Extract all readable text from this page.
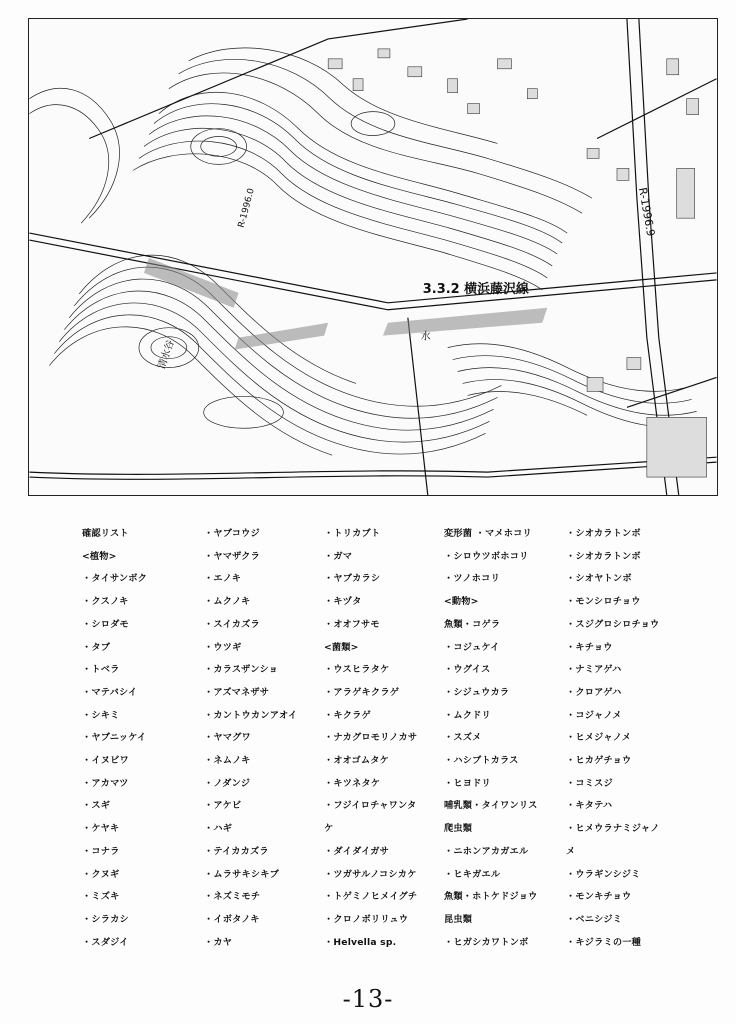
3.3.2 横浜藤沢線
R-1996.9
清水谷
水
R-1996.0
確認リスト
<植物>
・タイサンボク
・クスノキ
・シロダモ
・タブ
・トベラ
・マテバシイ
・シキミ
・ヤブニッケイ
・イヌビワ
・アカマツ
・スギ
・ケヤキ
・コナラ
・クヌギ
・ミズキ
・シラカシ
・スダジイ
・ヤブコウジ
・ヤマザクラ
・エノキ
・ムクノキ
・スイカズラ
・ウツギ
・カラスザンショ
・アズマネザサ
・カントウカンアオイ
・ヤマグワ
・ネムノキ
・ノダンジ
・アケビ
・ハギ
・テイカカズラ
・ムラサキシキブ
・ネズミモチ
・イボタノキ
・カヤ
・トリカブト
・ガマ
・ヤブカラシ
・キヅタ
・オオフサモ
<菌類>
・ウスヒラタケ
・アラゲキクラゲ
・キクラゲ
・ナカグロモリノカサ
・オオゴムタケ
・キツネタケ
・フジイロチャワンタ
ケ
・ダイダイガサ
・ツガサルノコシカケ
・トゲミノヒメイグチ
・クロノボリリュウ
・Helvella sp.
変形菌 ・マメホコリ
・シロウツボホコリ
・ツノホコリ
<動物>
魚類・コゲラ
・コジュケイ
・ウグイス
・シジュウカラ
・ムクドリ
・スズメ
・ハシブトカラス
・ヒヨドリ
哺乳類・タイワンリス
爬虫類
・ニホンアカガエル
・ヒキガエル
魚類・ホトケドジョウ
昆虫類
・ヒガシカワトンボ
・シオカラトンボ
・シオカラトンボ
・シオヤトンボ
・モンシロチョウ
・スジグロシロチョウ
・キチョウ
・ナミアゲハ
・クロアゲハ
・コジャノメ
・ヒメジャノメ
・ヒカゲチョウ
・コミスジ
・キタテハ
・ヒメウラナミジャノ
メ
・ウラギンシジミ
・モンキチョウ
・ベニシジミ
・キジラミの一種
-13-
